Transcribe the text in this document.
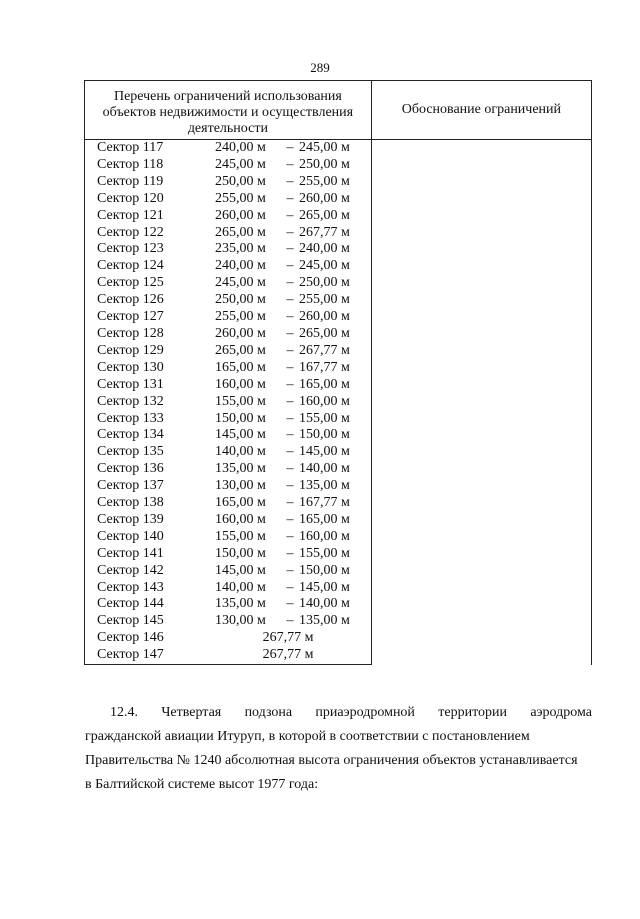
289
Перечень ограничений использования объектов недвижимости и осуществления деятельности	Обоснование ограничений
Сектор 117 240,00 м – 245,00 м	
Сектор 118 245,00 м – 250,00 м	
Сектор 119 250,00 м – 255,00 м	
Сектор 120 255,00 м – 260,00 м	
Сектор 121 260,00 м – 265,00 м	
Сектор 122 265,00 м – 267,77 м	
Сектор 123 235,00 м – 240,00 м	
Сектор 124 240,00 м – 245,00 м	
Сектор 125 245,00 м – 250,00 м	
Сектор 126 250,00 м – 255,00 м	
Сектор 127 255,00 м – 260,00 м	
Сектор 128 260,00 м – 265,00 м	
Сектор 129 265,00 м – 267,77 м	
Сектор 130 165,00 м – 167,77 м	
Сектор 131 160,00 м – 165,00 м	
Сектор 132 155,00 м – 160,00 м	
Сектор 133 150,00 м – 155,00 м	
Сектор 134 145,00 м – 150,00 м	
Сектор 135 140,00 м – 145,00 м	
Сектор 136 135,00 м – 140,00 м	
Сектор 137 130,00 м – 135,00 м	
Сектор 138 165,00 м – 167,77 м	
Сектор 139 160,00 м – 165,00 м	
Сектор 140 155,00 м – 160,00 м	
Сектор 141 150,00 м – 155,00 м	
Сектор 142 145,00 м – 150,00 м	
Сектор 143 140,00 м – 145,00 м	
Сектор 144 135,00 м – 140,00 м	
Сектор 145 130,00 м – 135,00 м	
Сектор 146 267,77 м	
Сектор 147 267,77 м	
12.4. Четвертая подзона приаэродромной территории аэродрома
гражданской авиации Итуруп, в которой в соответствии с постановлением
Правительства № 1240 абсолютная высота ограничения объектов устанавливается
в Балтийской системе высот 1977 года:
